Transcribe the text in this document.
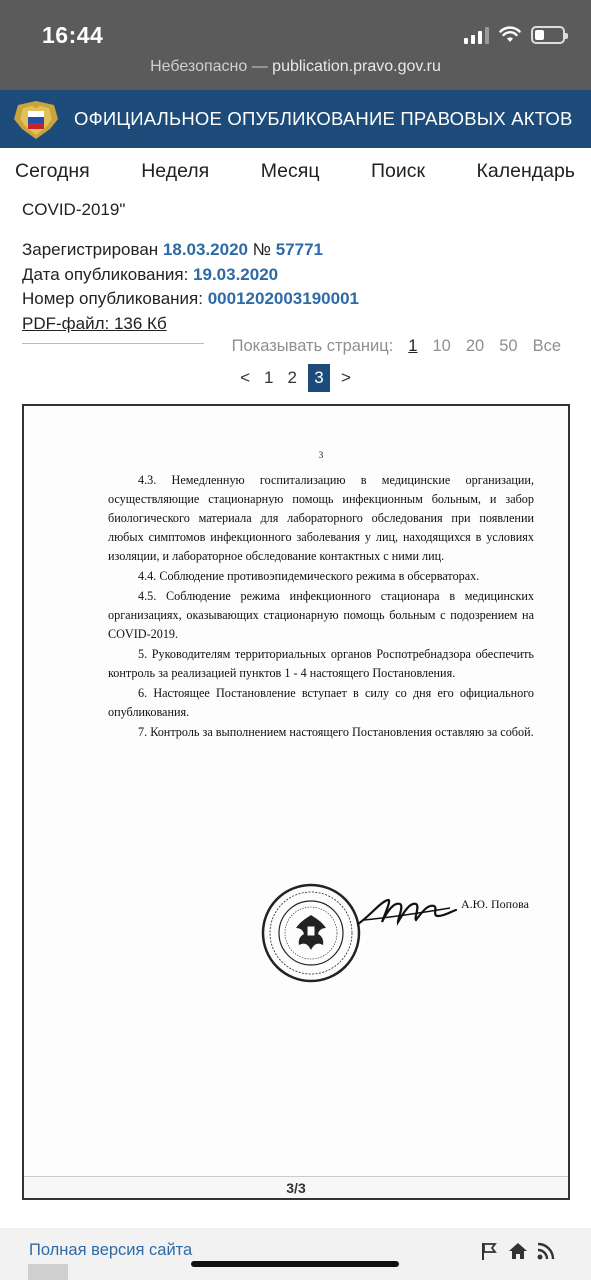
16:44
Небезопасно — publication.pravo.gov.ru
ОФИЦИАЛЬНОЕ ОПУБЛИКОВАНИЕ ПРАВОВЫХ АКТОВ
Сегодня	Неделя	Месяц	Поиск	Календарь
COVID-2019"
Зарегистрирован 18.03.2020 № 57771
Дата опубликования: 19.03.2020
Номер опубликования: 0001202003190001
PDF-файл: 136 Кб
Показывать страниц: 1 10 20 50 Все
< 1 2	3	>
3

4.3. Немедленную госпитализацию в медицинские организации, осуществляющие стационарную помощь инфекционным больным, и забор биологического материала для лабораторного обследования при появлении любых симптомов инфекционного заболевания у лиц, находящихся в условиях изоляции, и лабораторное обследование контактных с ними лиц.

4.4. Соблюдение противоэпидемического режима в обсерваторах.

4.5. Соблюдение режима инфекционного стационара в медицинских организациях, оказывающих стационарную помощь больным с подозрением на COVID-2019.

5. Руководителям территориальных органов Роспотребнадзора обеспечить контроль за реализацией пунктов 1 - 4 настоящего Постановления.

6. Настоящее Постановление вступает в силу со дня его официального опубликования.

7. Контроль за выполнением настоящего Постановления оставляю за собой.

А.Ю. Попова
3/3
Полная версия сайта
